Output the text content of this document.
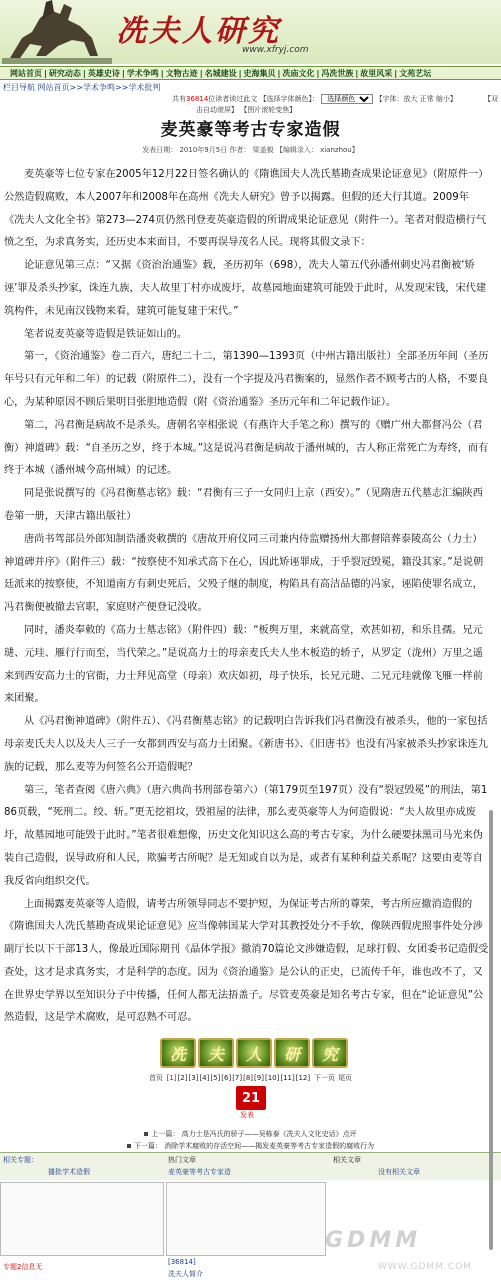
冼夫人研究
www.xfryj.com
网站首页 | 研究动态 | 英雄史诗 | 学术争鸣 | 文物古迹 | 名城建设 | 史海集贝 | 冼庙文化 | 冯冼世族 | 故里风采 | 文苑艺坛
栏目导航 网站首页>>学术争鸣>>学术批判
共有36814位读者读过此文 【选择字体颜色】：
选择颜色	【字体：放大 正常 缩小】	【双
击自动滚屏】 【图片滚轮变焦】
麦英豪等考古专家造假
发表日期： 2010年9月5日 作者： 梁盖毅 【编辑录入： xianzhou】

麦英豪等七位专家在2005年12月22日签名确认的《隋谯国夫人冼氏墓勘查成果论证意见》（附原件一）公然造假腐败，本人2007年和2008年在高州《冼夫人研究》曾予以揭露。但假的还大行其道。2009年《冼夫人文化全书》第273—274页仍然刊登麦英豪造假的所谓成果论证意见（附件一）。笔者对假造横行气愤之至，为求真务实，还历史本来面目，不要再误导茂名人民。现将其假文录下：

论证意见第三点：“又据《资治治通鉴》载，圣历初年（698），冼夫人第五代孙潘州刺史冯君衡被‘矫诬’罪及杀头抄家，诛连九族，夫人故里丁村亦成废圩，故墓园地面建筑可能毁于此时，从发现宋钱，宋代建筑构件，未见南汉钱物来看，建筑可能复建于宋代。”

笔者说麦英豪等造假是铁证如山的。

第一，《资治通鉴》卷二百六，唐纪二十二，第1390—1393页（中州古籍出版社）全部圣历年间（圣历年号只有元年和二年）的记载（附原件二），没有一个字提及冯君衡案的，显然作者不顾考古的人格，不要良心，为某种原因不顾后果明目张胆地造假（附《资治通鉴》圣历元年和二年记载作证）。

第二，冯君衡是病故不是杀头。唐朝名宰相张说（有燕许大手笔之称）撰写的《赠广州大都督冯公（君衡）神道碑》载：“自圣历之岁，终于本城。”这是说冯君衡是病故于潘州城的，古人称正常死亡为寿终，而有终于本城（潘州城今高州城）的记述。

同是张说撰写的《冯君衡墓志铭》载：“君衡有三子一女同归上京（西安）。”（见隋唐五代墓志汇编陕西卷第一册，天津古籍出版社）

唐尚书驾部员外郎知制诰潘炎敕撰的《唐故开府仪同三司兼内侍监赠扬州大都督陪葬泰陵高公（力士）神道碑并序》（附件三）载：“按察使不知承式高下在心，因此矫诬罪成，于乎裂冠毁冕，籍没其家。”是说朝廷派来的按察使，不知道南方有刺史死后，父殁子继的制度，构陷具有高洁品德的冯家，诬陷使罪名成立，冯君衡便被撤去官职，家庭财产便登记没收。

同时，潘炎奉敕的《高力士墓志铭》（附件四）载：“板舆万里，来就高堂，欢甚如初，和乐且孺。兄元琎、元珪、雁行行而至，当代荣之。”是说高力士的母亲麦氏夫人坐木板造的轿子，从罗定（泷州）万里之遥来到西安高力士的官衙，力士拜见高堂（母亲）欢庆如初，母子快乐，长兄元琎、二兄元珪就像飞雁一样前来团聚。

从《冯君衡神道碑》（附件五）、《冯君衡墓志铭》的记载明白告诉我们冯君衡没有被杀头，他的一家包括母亲麦氏夫人以及夫人三子一女都到西安与高力士团聚。《新唐书》、《旧唐书》也没有冯家被杀头抄家诛连九族的记载，那么麦等为何签名公开造假呢？

第三，笔者查阅《唐六典》（唐六典尚书刑部卷第六）（第179页至197页）没有“裂冠毁冕”的刑法，第186页载，“死刑二。绞、斩。”更无挖祖坟，毁祖屋的法律，那么麦英豪等人为何造假说：“夫人故里亦成废圩，故墓园地可能毁于此时。”笔者很难想像，历史文化知识这么高的考古专家，为什么硬要抹黑司马光来伪装自己造假，误导政府和人民，欺骗考古所呢？是无知或自以为是，或者有某种利益关系呢？这要由麦等自我反省向组织交代。

上面揭露麦英豪等人造假，请考古所领导同志不要护短，为保证考古所的尊荣，考古所应撤消造假的《隋谯国夫人冼氏墓勘查成果论证意见》应当像韩国某大学对其教授处分不手软，像陕西假虎照事件处分涉副厅长以下干部13人，像最近国际期刊《晶体学报》撤消70篇论文涉嫌造假，足球打假、女团委书记造假受查处，这才是求真务实，才是科学的态度。因为《资治通鉴》是公认的正史，已流传千年，谁也改不了，又在世界史学界以至知识分子中传播，任何人都无法捂盖子。尽管麦英豪是知名考古专家，但在“论证意见”公然造假，这是学术腐败，是可忍熟不可忍。

冼	夫	人	研	究
首页 [1][2][3][4][5][6][7][8][9][10][11][12] 下一页 尾页
21
发表
上一篇： 高力士是冯氏的骄子——吴栋泰《冼夫人文化史话》点评
下一篇： 消除学术腐败的存活空间——揭发麦英豪等考古专家造假的腐败行为
相关专题：
播批学术造假
热门文章
麦英豪等考古专家造
相关文章
没有相关文章
[36814]
冼夫人简介
专题2信息无
GDMM
WWW.GDMM.COM
